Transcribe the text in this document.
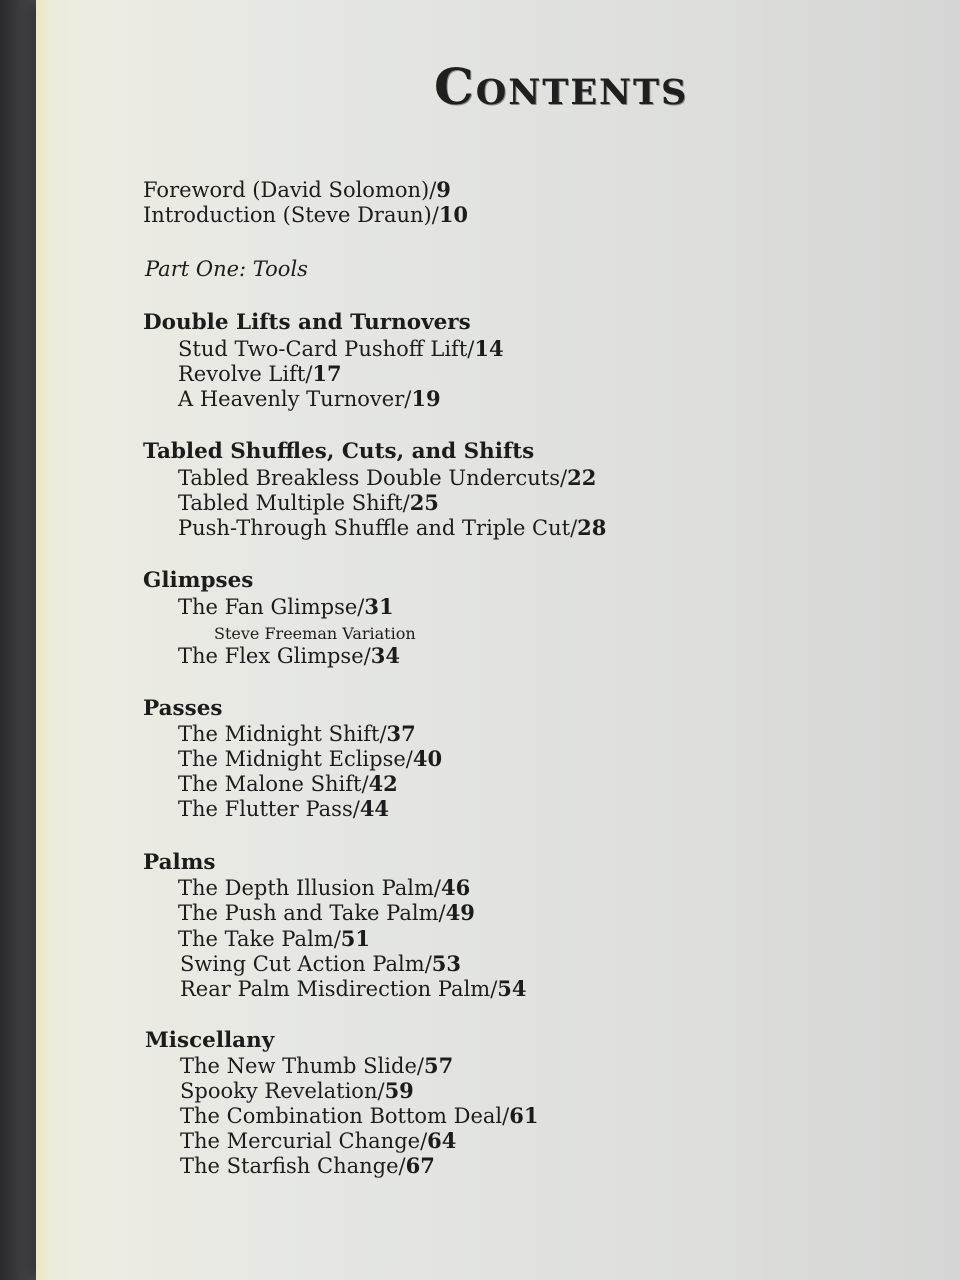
Contents
Foreword (David Solomon)/9
Introduction (Steve Draun)/10
Part One: Tools
Double Lifts and Turnovers
Stud Two-Card Pushoff Lift/14
Revolve Lift/17
A Heavenly Turnover/19
Tabled Shuffles, Cuts, and Shifts
Tabled Breakless Double Undercuts/22
Tabled Multiple Shift/25
Push-Through Shuffle and Triple Cut/28
Glimpses
The Fan Glimpse/31
Steve Freeman Variation
The Flex Glimpse/34
Passes
The Midnight Shift/37
The Midnight Eclipse/40
The Malone Shift/42
The Flutter Pass/44
Palms
The Depth Illusion Palm/46
The Push and Take Palm/49
The Take Palm/51
Swing Cut Action Palm/53
Rear Palm Misdirection Palm/54
Miscellany
The New Thumb Slide/57
Spooky Revelation/59
The Combination Bottom Deal/61
The Mercurial Change/64
The Starfish Change/67
